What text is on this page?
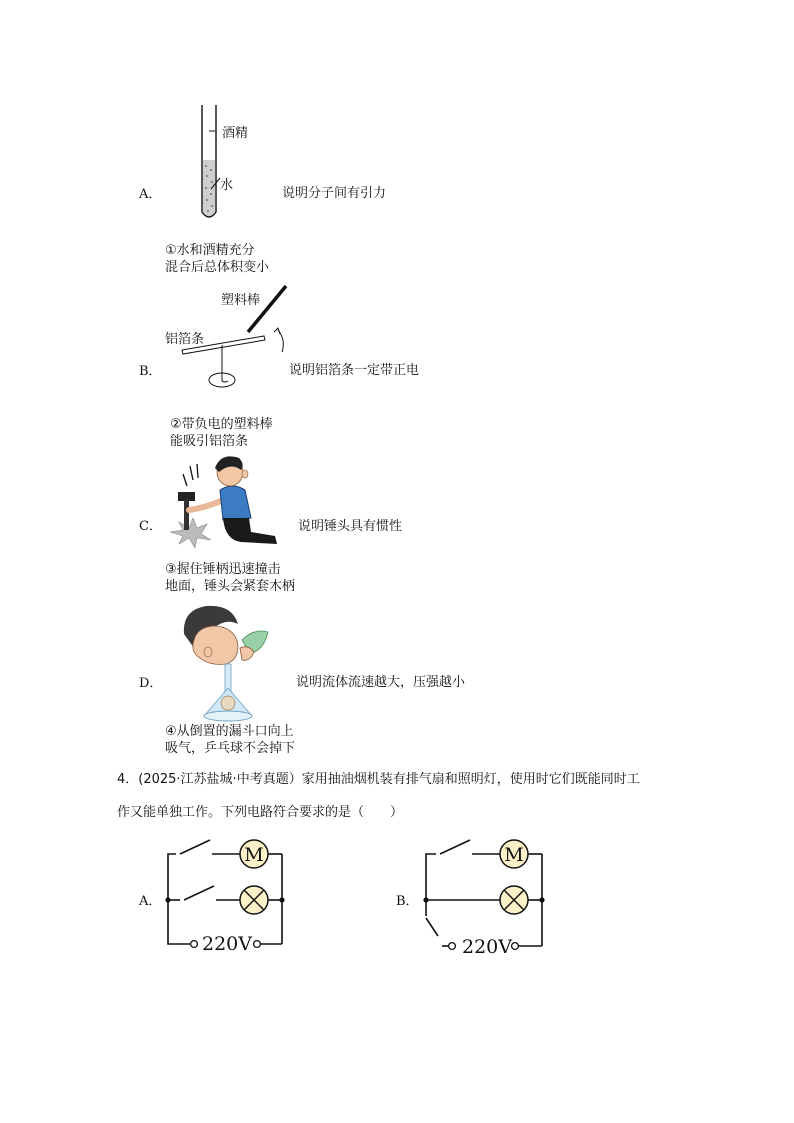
A．
酒精
水
说明分子间有引力
①水和酒精充分
混合后总体积变小
塑料棒
铝箔条
B．	说明铝箔条一定带正电
②带负电的塑料棒
能吸引铝箔条
C．	说明锤头具有惯性
③握住锤柄迅速撞击
地面，锤头会紧套木柄
D．	说明流体流速越大，压强越小
④从倒置的漏斗口向上
吸气，乒乓球不会掉下
4．(2025·江苏盐城·中考真题）家用抽油烟机装有排气扇和照明灯，使用时它们既能同时工
作又能单独工作。下列电路符合要求的是（　　）
A．
M
220V
B．
M
220V
